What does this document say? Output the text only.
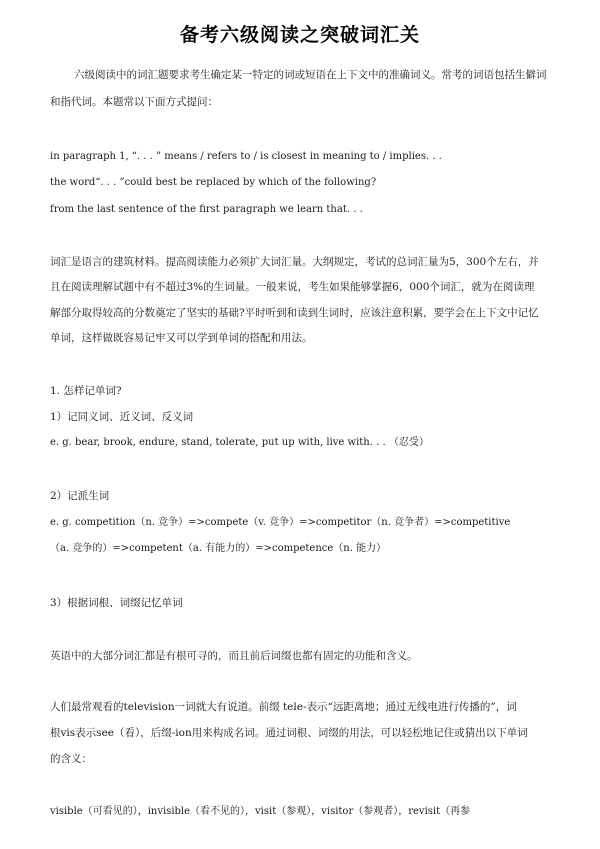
备考六级阅读之突破词汇关
六级阅读中的词汇题要求考生确定某一特定的词或短语在上下文中的准确词义。常考的词语包括生僻词
和指代词。本题常以下面方式提问：
in paragraph 1, “. . . ” means / refers to / is closest in meaning to / implies. . .
the word“. . . ”could best be replaced by which of the following?
from the last sentence of the first paragraph we learn that. . .
词汇是语言的建筑材料。提高阅读能力必须扩大词汇量。大纲规定，考试的总词汇量为5，300个左右，并
且在阅读理解试题中有不超过3%的生词量。一般来说，考生如果能够掌握6，000个词汇，就为在阅读理
解部分取得较高的分数奠定了坚实的基础?平时听到和读到生词时，应该注意积累，要学会在上下文中记忆
单词，这样做既容易记牢又可以学到单词的搭配和用法。
1. 怎样记单词?
1）记同义词、近义词、反义词
e. g. bear, brook, endure, stand, tolerate, put up with, live with. . . （忍受）
2）记派生词
e. g. competition（n. 竞争）=>compete（v. 竞争）=>competitor（n. 竞争者）=>competitive
（a. 竞争的）=>competent（a. 有能力的）=>competence（n. 能力）
3）根据词根、词缀记忆单词
英语中的大部分词汇都是有根可寻的，而且前后词缀也都有固定的功能和含义。
人们最常观看的television一词就大有说道。前缀 tele-表示“远距离地；通过无线电进行传播的”，词
根vis表示see（看），后缀-ion用来构成名词。通过词根、词缀的用法，可以轻松地记住或猜出以下单词
的含义：
visible（可看见的），invisible（看不见的），visit（参观），visitor（参观者），revisit（再参
